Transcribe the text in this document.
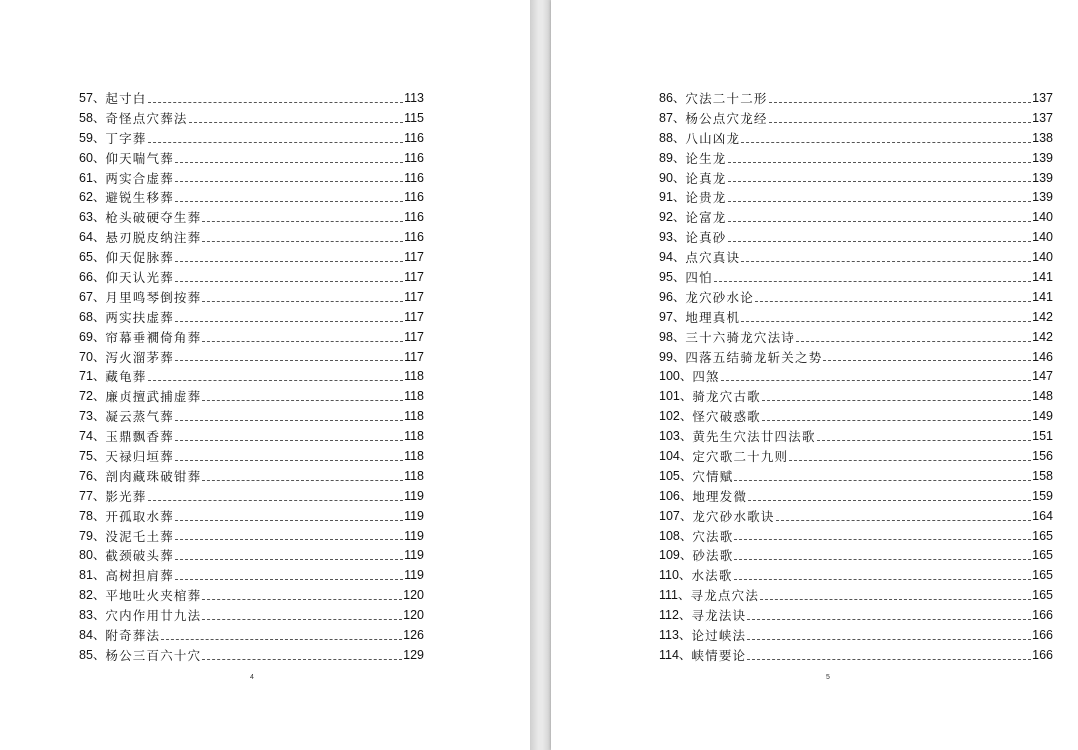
57、 起寸白	113
58、 奇怪点穴葬法	115
59、 丁字葬	116
60、 仰天喘气葬	116
61、 两实合虚葬	116
62、 避锐生移葬	116
63、 枪头破硬夺生葬	116
64、 悬刃脱皮纳注葬	116
65、 仰天促脉葬	117
66、 仰天认光葬	117
67、 月里鸣琴倒按葬	117
68、 两实扶虚葬	117
69、 帘幕垂襉倚角葬	117
70、 泻火溜茅葬	117
71、 藏龟葬	118
72、 廉贞擅武捕虚葬	118
73、 凝云蒸气葬	118
74、 玉鼎飘香葬	118
75、 天禄归垣葬	118
76、 剖肉藏珠破钳葬	118
77、 影光葬	119
78、 开孤取水葬	119
79、 没泥乇土葬	119
80、 截颈破头葬	119
81、 高树担肩葬	119
82、 平地吐火夹棺葬	120
83、 穴内作用廿九法	120
84、 附奇葬法	126
85、 杨公三百六十穴	129
4
86、 穴法二十二形	137
87、 杨公点穴龙经	137
88、 八山凶龙	138
89、 论生龙	139
90、 论真龙	139
91、 论贵龙	139
92、 论富龙	140
93、 论真砂	140
94、 点穴真诀	140
95、 四怕	141
96、 龙穴砂水论	141
97、 地理真机	142
98、 三十六骑龙穴法诗	142
99、 四落五结骑龙斩关之势	146
100、 四煞	147
101、 骑龙穴古歌	148
102、 怪穴破惑歌	149
103、 黄先生穴法廿四法歌	151
104、 定穴歌二十九则	156
105、 穴情赋	158
106、 地理发微	159
107、 龙穴砂水歌诀	164
108、 穴法歌	165
109、 砂法歌	165
110、 水法歌	165
111、 寻龙点穴法	165
112、 寻龙法诀	166
113、 论过峡法	166
114、 峡情要论	166
5
